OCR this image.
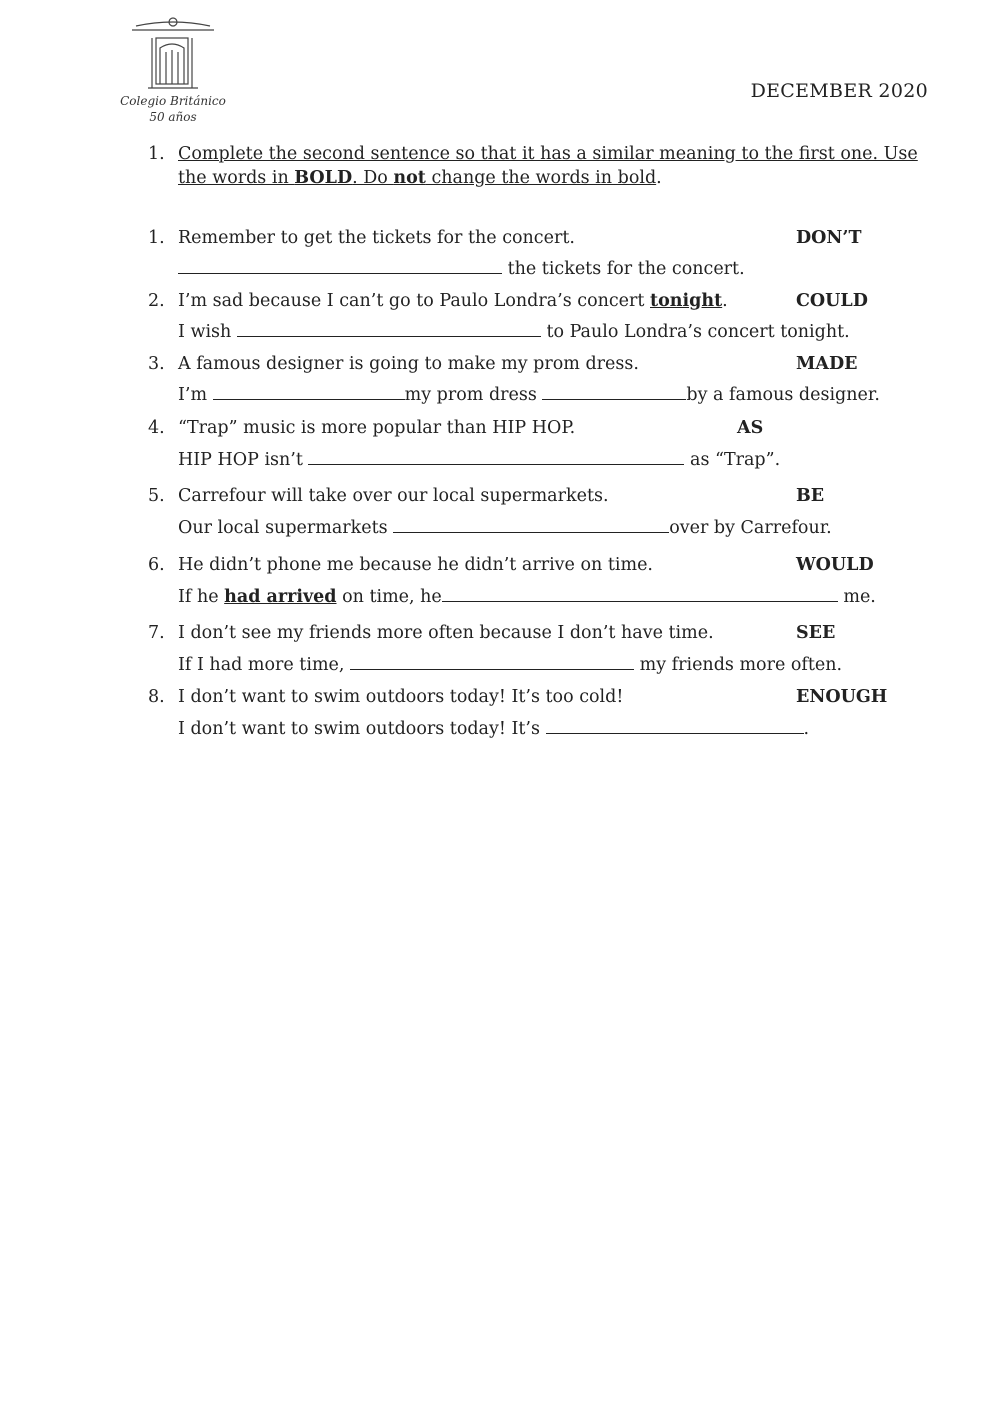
Colegio Británico
50 años
DECEMBER 2020
1. Complete the second sentence so that it has a similar meaning to the first one. Use the words in BOLD. Do not change the words in bold.
1. Remember to get the tickets for the concert.
the tickets for the concert.
DON’T
2. I’m sad because I can’t go to Paulo Londra’s concert tonight.
I wish	to Paulo Londra’s concert tonight.
COULD
3. A famous designer is going to make my prom dress.
I’m	my prom dress	by a famous designer.
MADE
4. “Trap” music is more popular than HIP HOP.
HIP HOP isn’t	as “Trap”.
AS
5. Carrefour will take over our local supermarkets.
Our local supermarkets	over by Carrefour.
BE
6. He didn’t phone me because he didn’t arrive on time.
If he had arrived on time, he	me.
WOULD
7. I don’t see my friends more often because I don’t have time.
If I had more time,	my friends more often.
SEE
8. I don’t want to swim outdoors today! It’s too cold!
I don’t want to swim outdoors today! It’s	.
ENOUGH
